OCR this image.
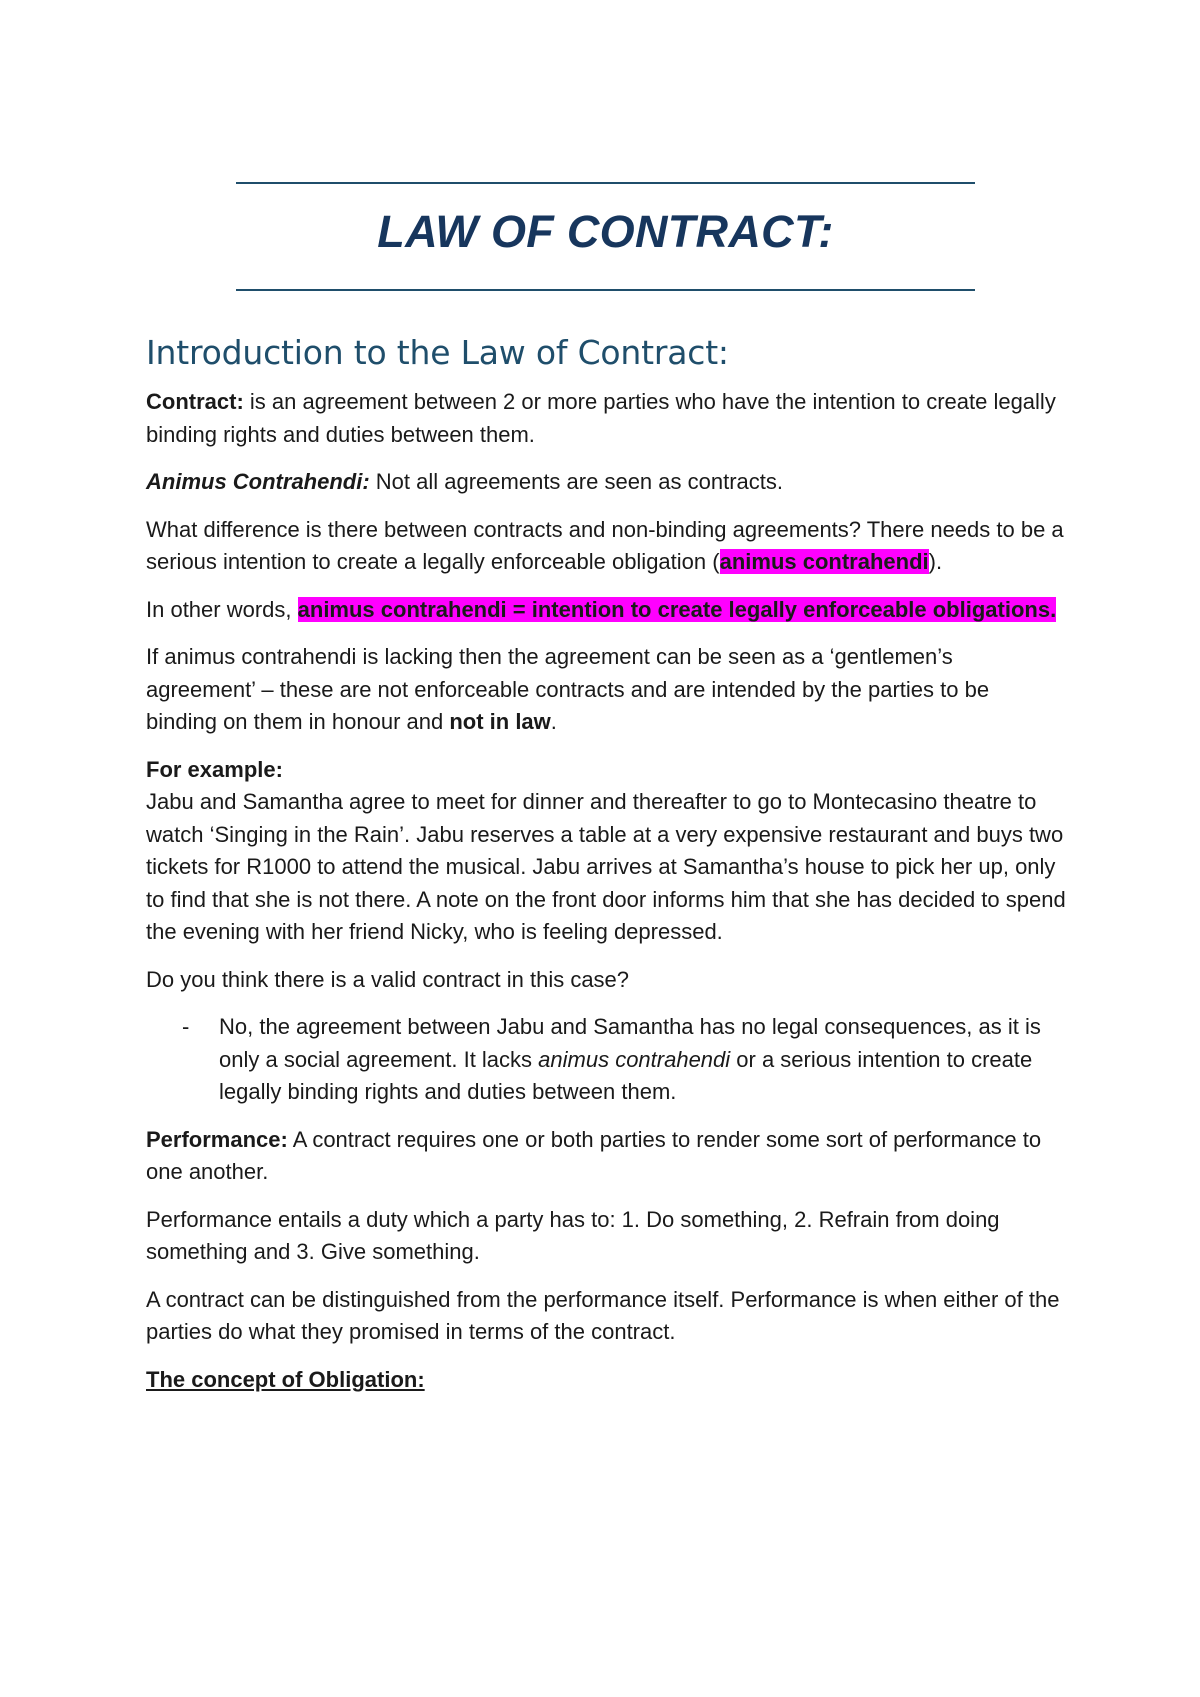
LAW OF CONTRACT:
Introduction to the Law of Contract:

Contract: is an agreement between 2 or more parties who have the intention to create legally binding rights and duties between them.

Animus Contrahendi: Not all agreements are seen as contracts.

What difference is there between contracts and non-binding agreements? There needs to be a serious intention to create a legally enforceable obligation (animus contrahendi).

In other words, animus contrahendi = intention to create legally enforceable obligations.

If animus contrahendi is lacking then the agreement can be seen as a ‘gentlemen’s agreement’ – these are not enforceable contracts and are intended by the parties to be binding on them in honour and not in law.

For example:

Jabu and Samantha agree to meet for dinner and thereafter to go to Montecasino theatre to watch ‘Singing in the Rain’. Jabu reserves a table at a very expensive restaurant and buys two tickets for R1000 to attend the musical. Jabu arrives at Samantha’s house to pick her up, only to find that she is not there. A note on the front door informs him that she has decided to spend the evening with her friend Nicky, who is feeling depressed.

Do you think there is a valid contract in this case?

- No, the agreement between Jabu and Samantha has no legal consequences, as it is only a social agreement. It lacks animus contrahendi or a serious intention to create legally binding rights and duties between them.

Performance: A contract requires one or both parties to render some sort of performance to one another.

Performance entails a duty which a party has to: 1. Do something, 2. Refrain from doing something and 3. Give something.

A contract can be distinguished from the performance itself. Performance is when either of the parties do what they promised in terms of the contract.

The concept of Obligation:
